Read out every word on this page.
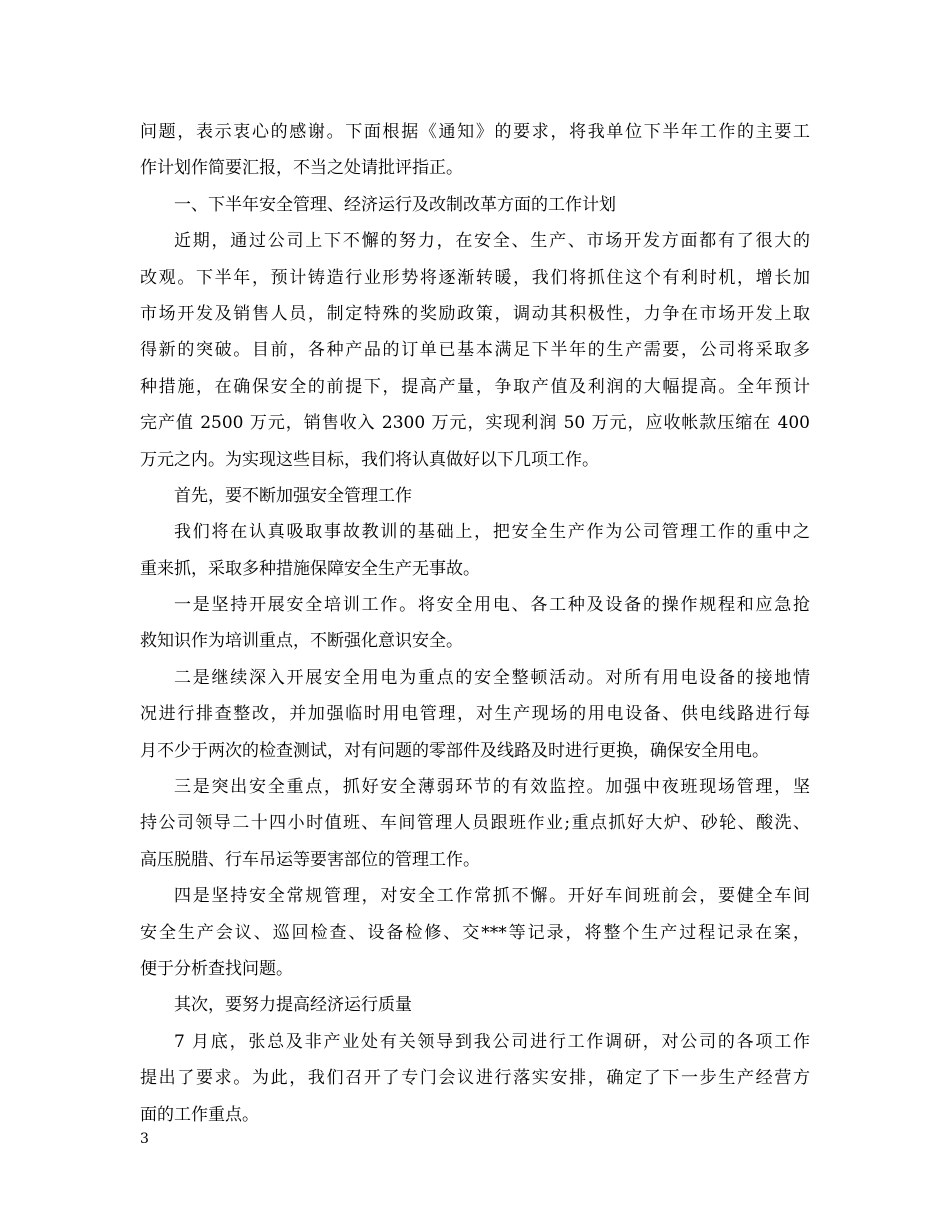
问题，表示衷心的感谢。下面根据《通知》的要求，将我单位下半年工作的主要工
作计划作简要汇报，不当之处请批评指正。
一、下半年安全管理、经济运行及改制改革方面的工作计划
近期，通过公司上下不懈的努力，在安全、生产、市场开发方面都有了很大的
改观。下半年，预计铸造行业形势将逐渐转暖，我们将抓住这个有利时机，增长加
市场开发及销售人员，制定特殊的奖励政策，调动其积极性，力争在市场开发上取
得新的突破。目前，各种产品的订单已基本满足下半年的生产需要，公司将采取多
种措施，在确保安全的前提下，提高产量，争取产值及利润的大幅提高。全年预计
完产值 2500 万元，销售收入 2300 万元，实现利润 50 万元，应收帐款压缩在 400
万元之内。为实现这些目标，我们将认真做好以下几项工作。
首先，要不断加强安全管理工作
我们将在认真吸取事故教训的基础上，把安全生产作为公司管理工作的重中之
重来抓，采取多种措施保障安全生产无事故。
一是坚持开展安全培训工作。将安全用电、各工种及设备的操作规程和应急抢
救知识作为培训重点，不断强化意识安全。
二是继续深入开展安全用电为重点的安全整顿活动。对所有用电设备的接地情
况进行排查整改，并加强临时用电管理，对生产现场的用电设备、供电线路进行每
月不少于两次的检查测试，对有问题的零部件及线路及时进行更换，确保安全用电。
三是突出安全重点，抓好安全薄弱环节的有效监控。加强中夜班现场管理，坚
持公司领导二十四小时值班、车间管理人员跟班作业;重点抓好大炉、砂轮、酸洗、
高压脱腊、行车吊运等要害部位的管理工作。
四是坚持安全常规管理，对安全工作常抓不懈。开好车间班前会，要健全车间
安全生产会议、巡回检查、设备检修、交***等记录，将整个生产过程记录在案，
便于分析查找问题。
其次，要努力提高经济运行质量
7 月底，张总及非产业处有关领导到我公司进行工作调研，对公司的各项工作
提出了要求。为此，我们召开了专门会议进行落实安排，确定了下一步生产经营方
面的工作重点。
3
